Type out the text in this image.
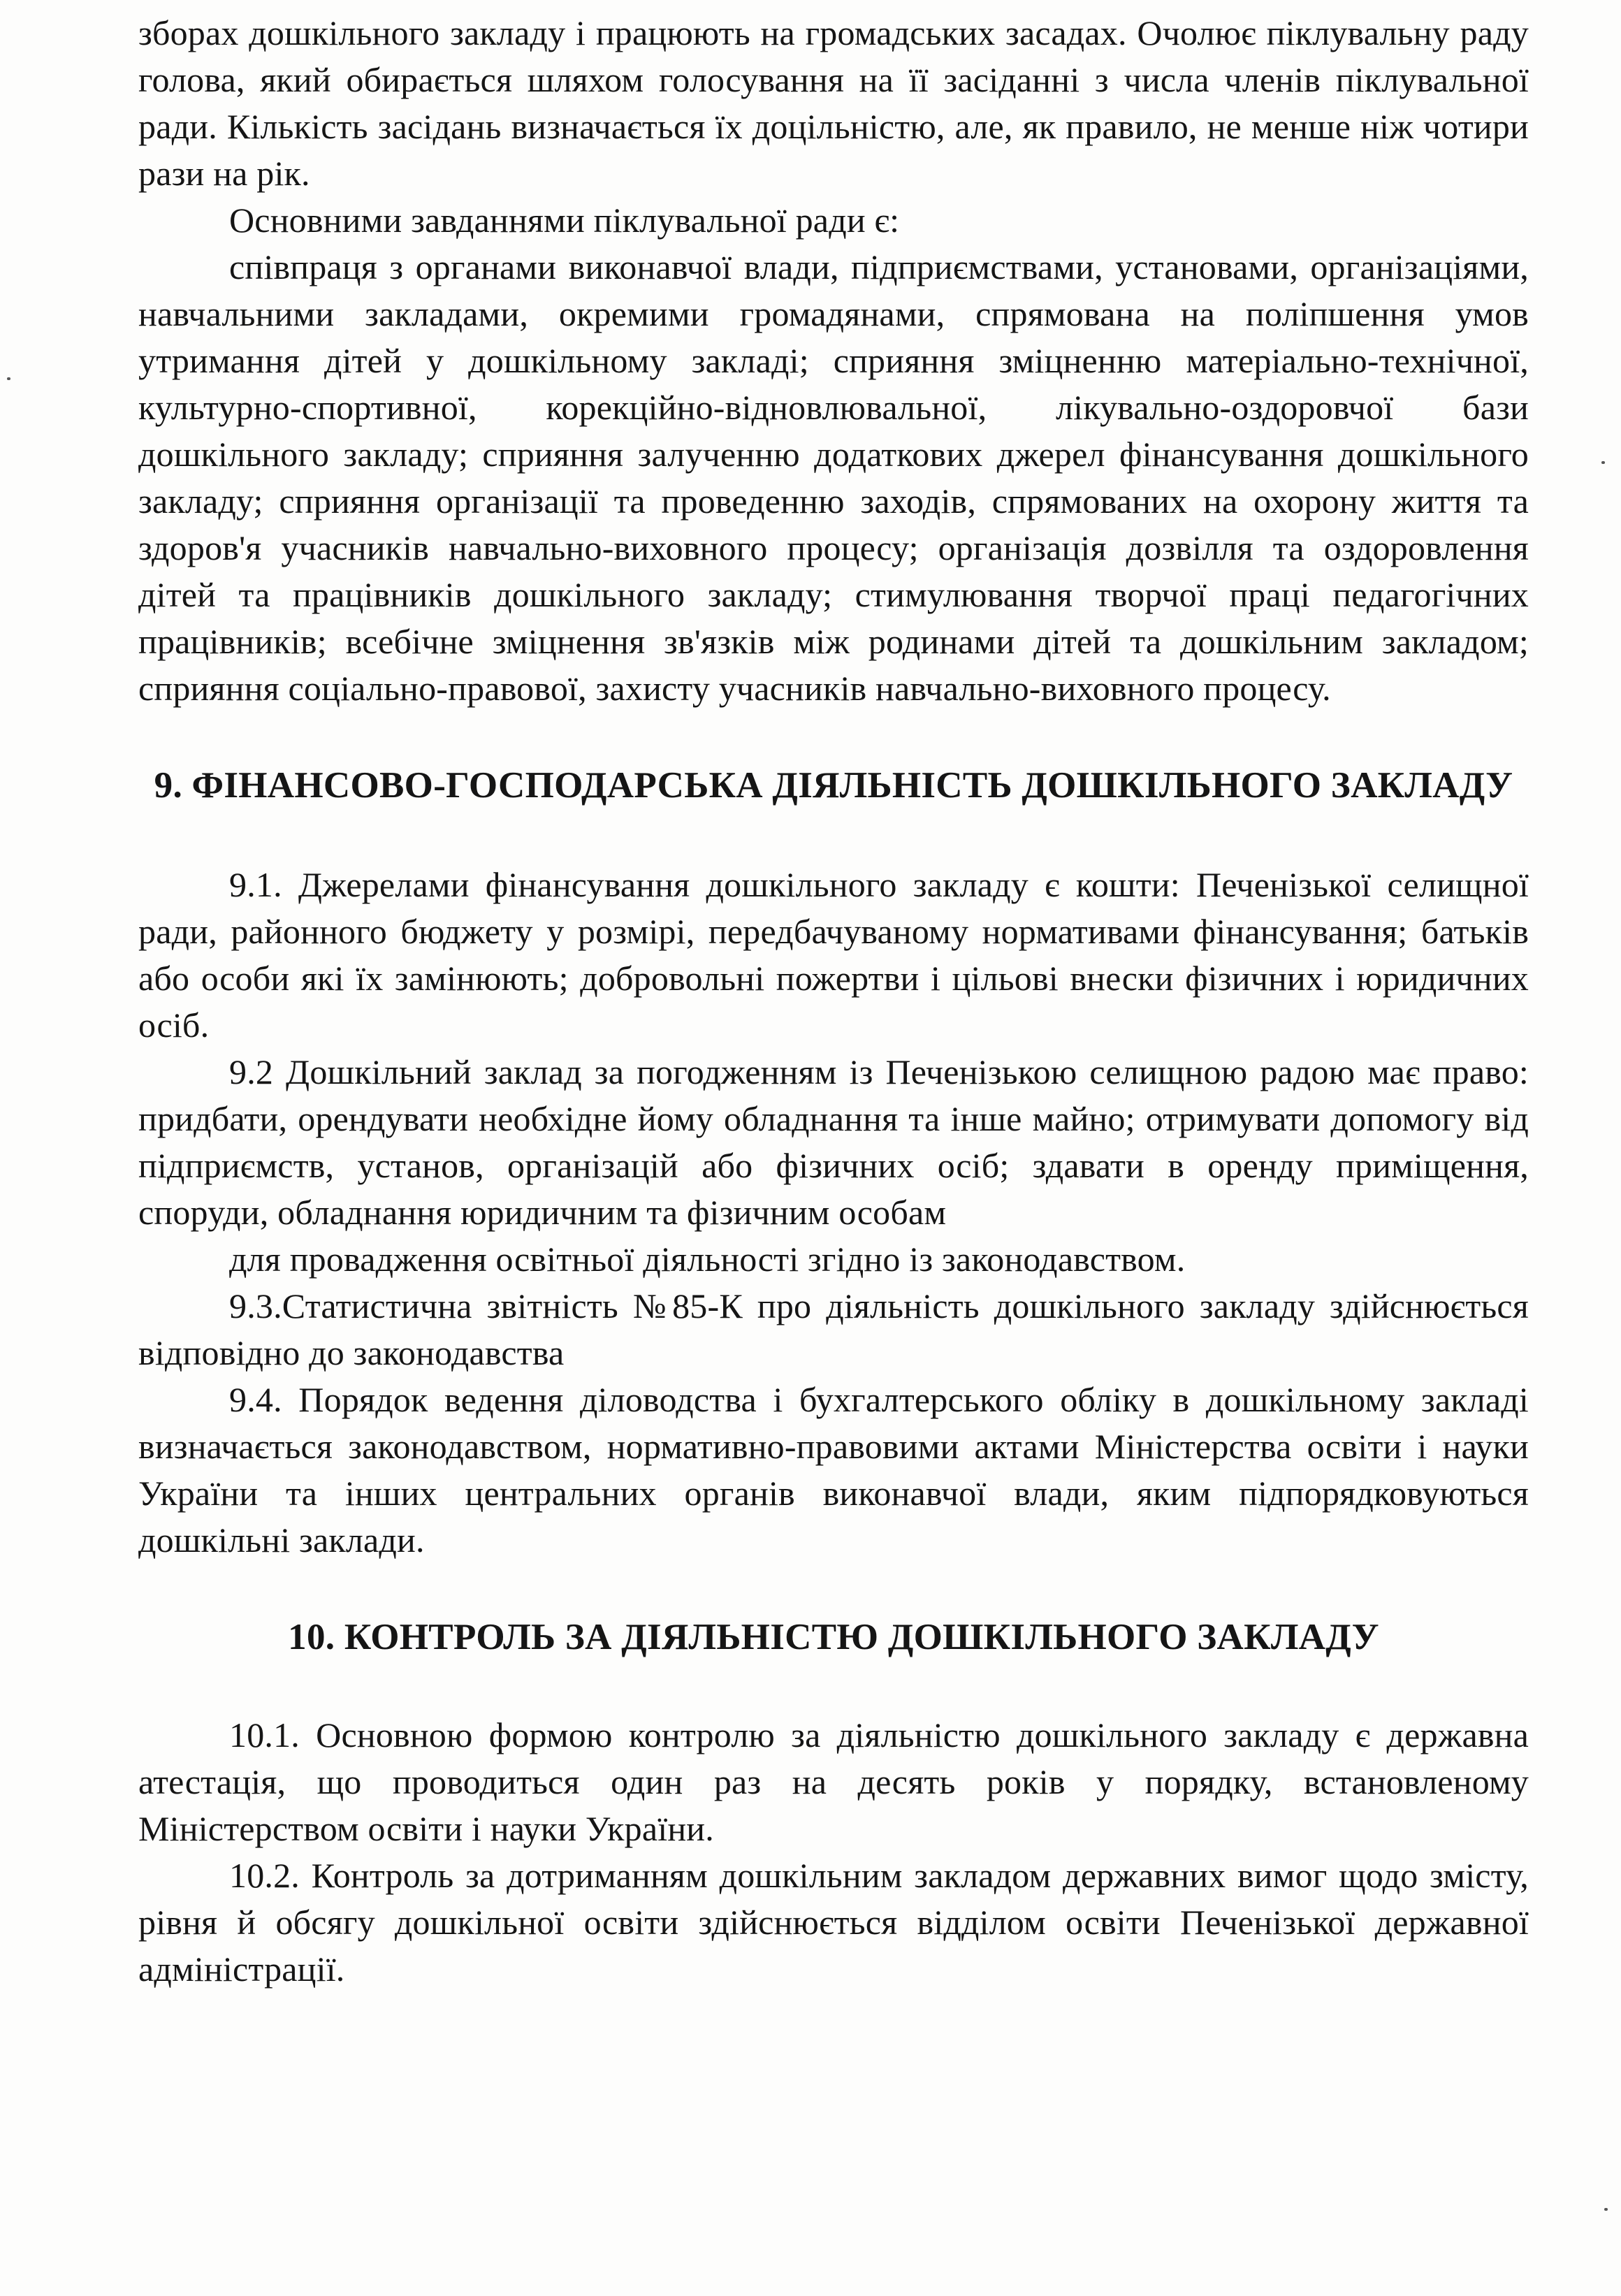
зборах дошкільного закладу і працюють на громадських засадах. Очолює піклувальну раду голова, який обирається шляхом голосування на її засіданні з числа членів піклувальної ради. Кількість засідань визначається їх доцільністю, але, як правило, не менше ніж чотири рази на рік.

Основними завданнями піклувальної ради є:

співпраця з органами виконавчої влади, підприємствами, установами, організаціями, навчальними закладами, окремими громадянами, спрямована на поліпшення умов утримання дітей у дошкільному закладі; сприяння зміцненню матеріально-технічної, культурно-спортивної, корекційно-відновлювальної, лікувально-оздоровчої бази дошкільного закладу; сприяння залученню додаткових джерел фінансування дошкільного закладу; сприяння організації та проведенню заходів, спрямованих на охорону життя та здоров'я учасників навчально-виховного процесу; організація дозвілля та оздоровлення дітей та працівників дошкільного закладу; стимулювання творчої праці педагогічних працівників; всебічне зміцнення зв'язків між родинами дітей та дошкільним закладом; сприяння соціально-правової, захисту учасників навчально-виховного процесу.

9. ФІНАНСОВО-ГОСПОДАРСЬКА ДІЯЛЬНІСТЬ ДОШКІЛЬНОГО ЗАКЛАДУ

9.1. Джерелами фінансування дошкільного закладу є кошти: Печенізької селищної ради, районного бюджету у розмірі, передбачуваному нормативами фінансування; батьків або особи які їх замінюють; добровольні пожертви і цільові внески фізичних і юридичних осіб.

9.2 Дошкільний заклад за погодженням із Печенізькою селищною радою має право: придбати, орендувати необхідне йому обладнання та інше майно; отримувати допомогу від підприємств, установ, організацій або фізичних осіб; здавати в оренду приміщення, споруди, обладнання юридичним та фізичним особам

для провадження освітньої діяльності згідно із законодавством.

9.3.Статистична звітність №85-К про діяльність дошкільного закладу здійснюється відповідно до законодавства

9.4. Порядок ведення діловодства і бухгалтерського обліку в дошкільному закладі визначається законодавством, нормативно-правовими актами Міністерства освіти і науки України та інших центральних органів виконавчої влади, яким підпорядковуються дошкільні заклади.

10. КОНТРОЛЬ ЗА ДІЯЛЬНІСТЮ ДОШКІЛЬНОГО ЗАКЛАДУ

10.1. Основною формою контролю за діяльністю дошкільного закладу є державна атестація, що проводиться один раз на десять років у порядку, встановленому Міністерством освіти і науки України.

10.2. Контроль за дотриманням дошкільним закладом державних вимог щодо змісту, рівня й обсягу дошкільної освіти здійснюється відділом освіти Печенізької державної адміністрації.
